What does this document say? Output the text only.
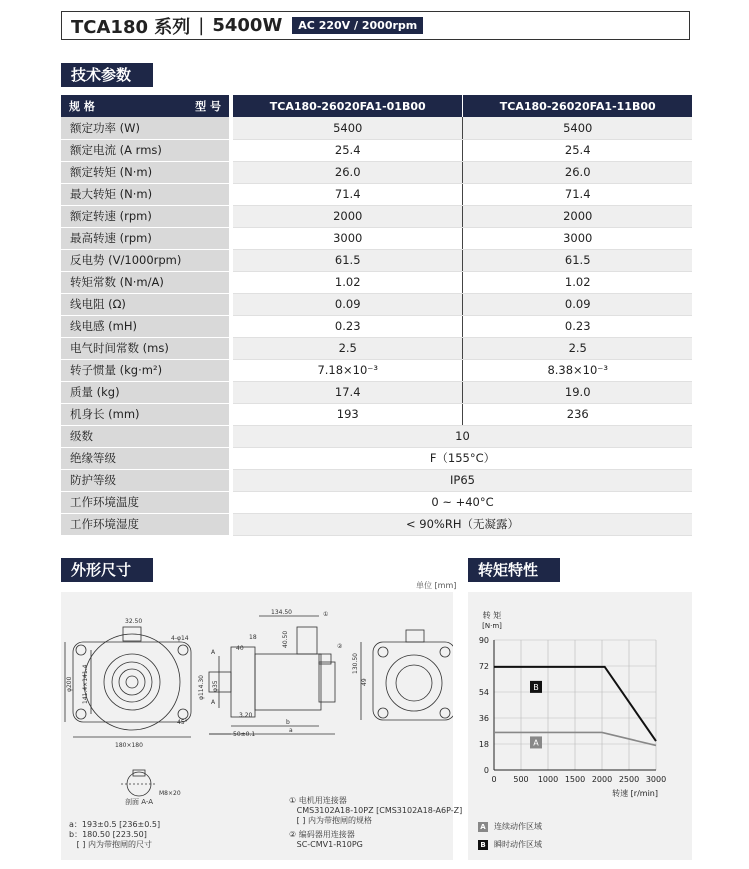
TCA180 系列 | 5400W	AC 220V / 2000rpm
技术参数
规 格 型 号	TCA180-26020FA1-01B00	TCA180-26020FA1-11B00
额定功率 (W)	5400	5400
额定电流 (A rms)	25.4	25.4
额定转矩 (N·m)	26.0	26.0
最大转矩 (N·m)	71.4	71.4
额定转速 (rpm)	2000	2000
最高转速 (rpm)	3000	3000
反电势 (V/1000rpm)	61.5	61.5
转矩常数 (N·m/A)	1.02	1.02
线电阻 (Ω)	0.09	0.09
线电感 (mH)	0.23	0.23
电气时间常数 (ms)	2.5	2.5
转子惯量 (kg·m²)	7.18×10⁻³	8.38×10⁻³
质量 (kg)	17.4	19.0
机身长 (mm)	193	236
级数	10	
绝缘等级	F（155°C）	
防护等级	IP65	
工作环境温度	0 ~ +40°C	
工作环境湿度	< 90%RH（无凝露）	
外形尺寸
单位 [mm]
32.50
4-φ14
180×180
φ200 141.4×141.4
45°
134.50
18	40.50
40
130.50
49
φ114.30 φ35
50±0.1
3.20
b
a
A
A
①
②
剖面 A-A
M8×20
a：193±0.5 [236±0.5]
b：180.50 [223.50]
[ ] 内为带抱闸的尺寸
① 电机用连接器
CMS3102A18-10PZ [CMS3102A18-A6P-Z]
[ ] 内为带抱闸的规格
② 编码器用连接器
SC-CMV1-R10PG
转矩特性
0 500 1000 1500 2000 2500 3000
0
18
36
54
72
90
转 矩
[N·m]
转速 [r/min]
B
A
A 连续动作区域
B 瞬时动作区域
